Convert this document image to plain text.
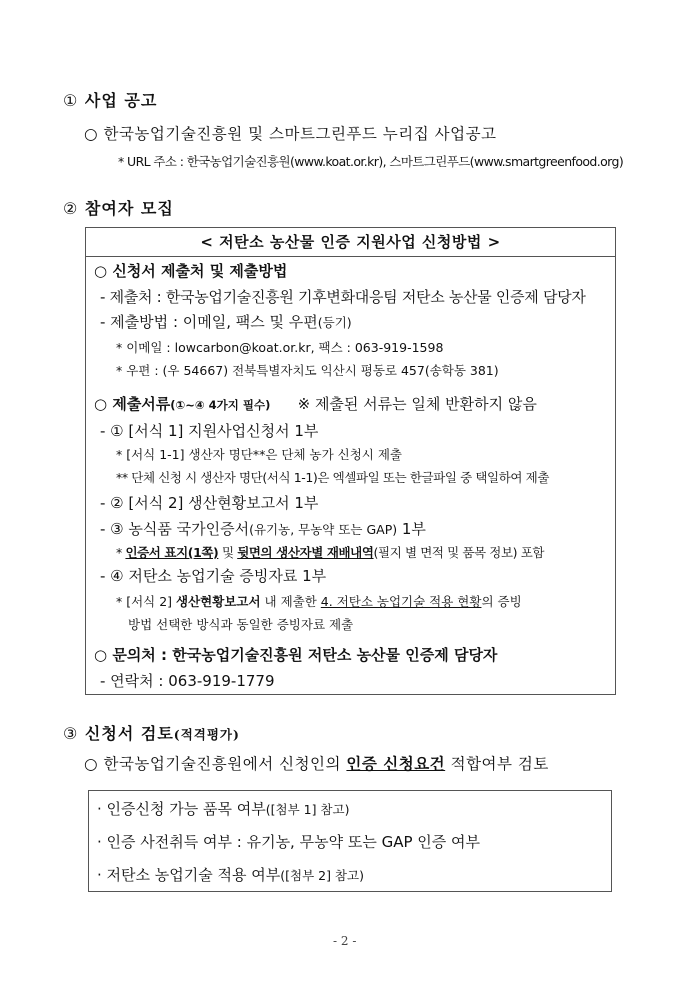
① 사업 공고
○ 한국농업기술진흥원 및 스마트그린푸드 누리집 사업공고
* URL 주소 : 한국농업기술진흥원(www.koat.or.kr), 스마트그린푸드(www.smartgreenfood.org)
② 참여자 모집
< 저탄소 농산물 인증 지원사업 신청방법 >
○ 신청서 제출처 및 제출방법
- 제출처 : 한국농업기술진흥원 기후변화대응팀 저탄소 농산물 인증제 담당자
- 제출방법 : 이메일, 팩스 및 우편(등기)
* 이메일 : lowcarbon@koat.or.kr, 팩스 : 063-919-1598
* 우편 : (우 54667) 전북특별자치도 익산시 평동로 457(송학동 381)
○ 제출서류(①~④ 4가지 필수) ※ 제출된 서류는 일체 반환하지 않음
- ① [서식 1] 지원사업신청서 1부
* [서식 1-1] 생산자 명단**은 단체 농가 신청시 제출
** 단체 신청 시 생산자 명단(서식 1-1)은 엑셀파일 또는 한글파일 중 택일하여 제출
- ② [서식 2] 생산현황보고서 1부
- ③ 농식품 국가인증서(유기농, 무농약 또는 GAP) 1부
* 인증서 표지(1쪽) 및 뒷면의 생산자별 재배내역(필지 별 면적 및 품목 정보) 포함
- ④ 저탄소 농업기술 증빙자료 1부
* [서식 2] 생산현황보고서 내 제출한 4. 저탄소 농업기술 적용 현황의 증빙
방법 선택한 방식과 동일한 증빙자료 제출
○ 문의처 : 한국농업기술진흥원 저탄소 농산물 인증제 담당자
- 연락처 : 063-919-1779
③ 신청서 검토(적격평가)
○ 한국농업기술진흥원에서 신청인의 인증 신청요건 적합여부 검토
· 인증신청 가능 품목 여부([첨부 1] 참고)
· 인증 사전취득 여부 : 유기농, 무농약 또는 GAP 인증 여부
· 저탄소 농업기술 적용 여부([첨부 2] 참고)
- 2 -
